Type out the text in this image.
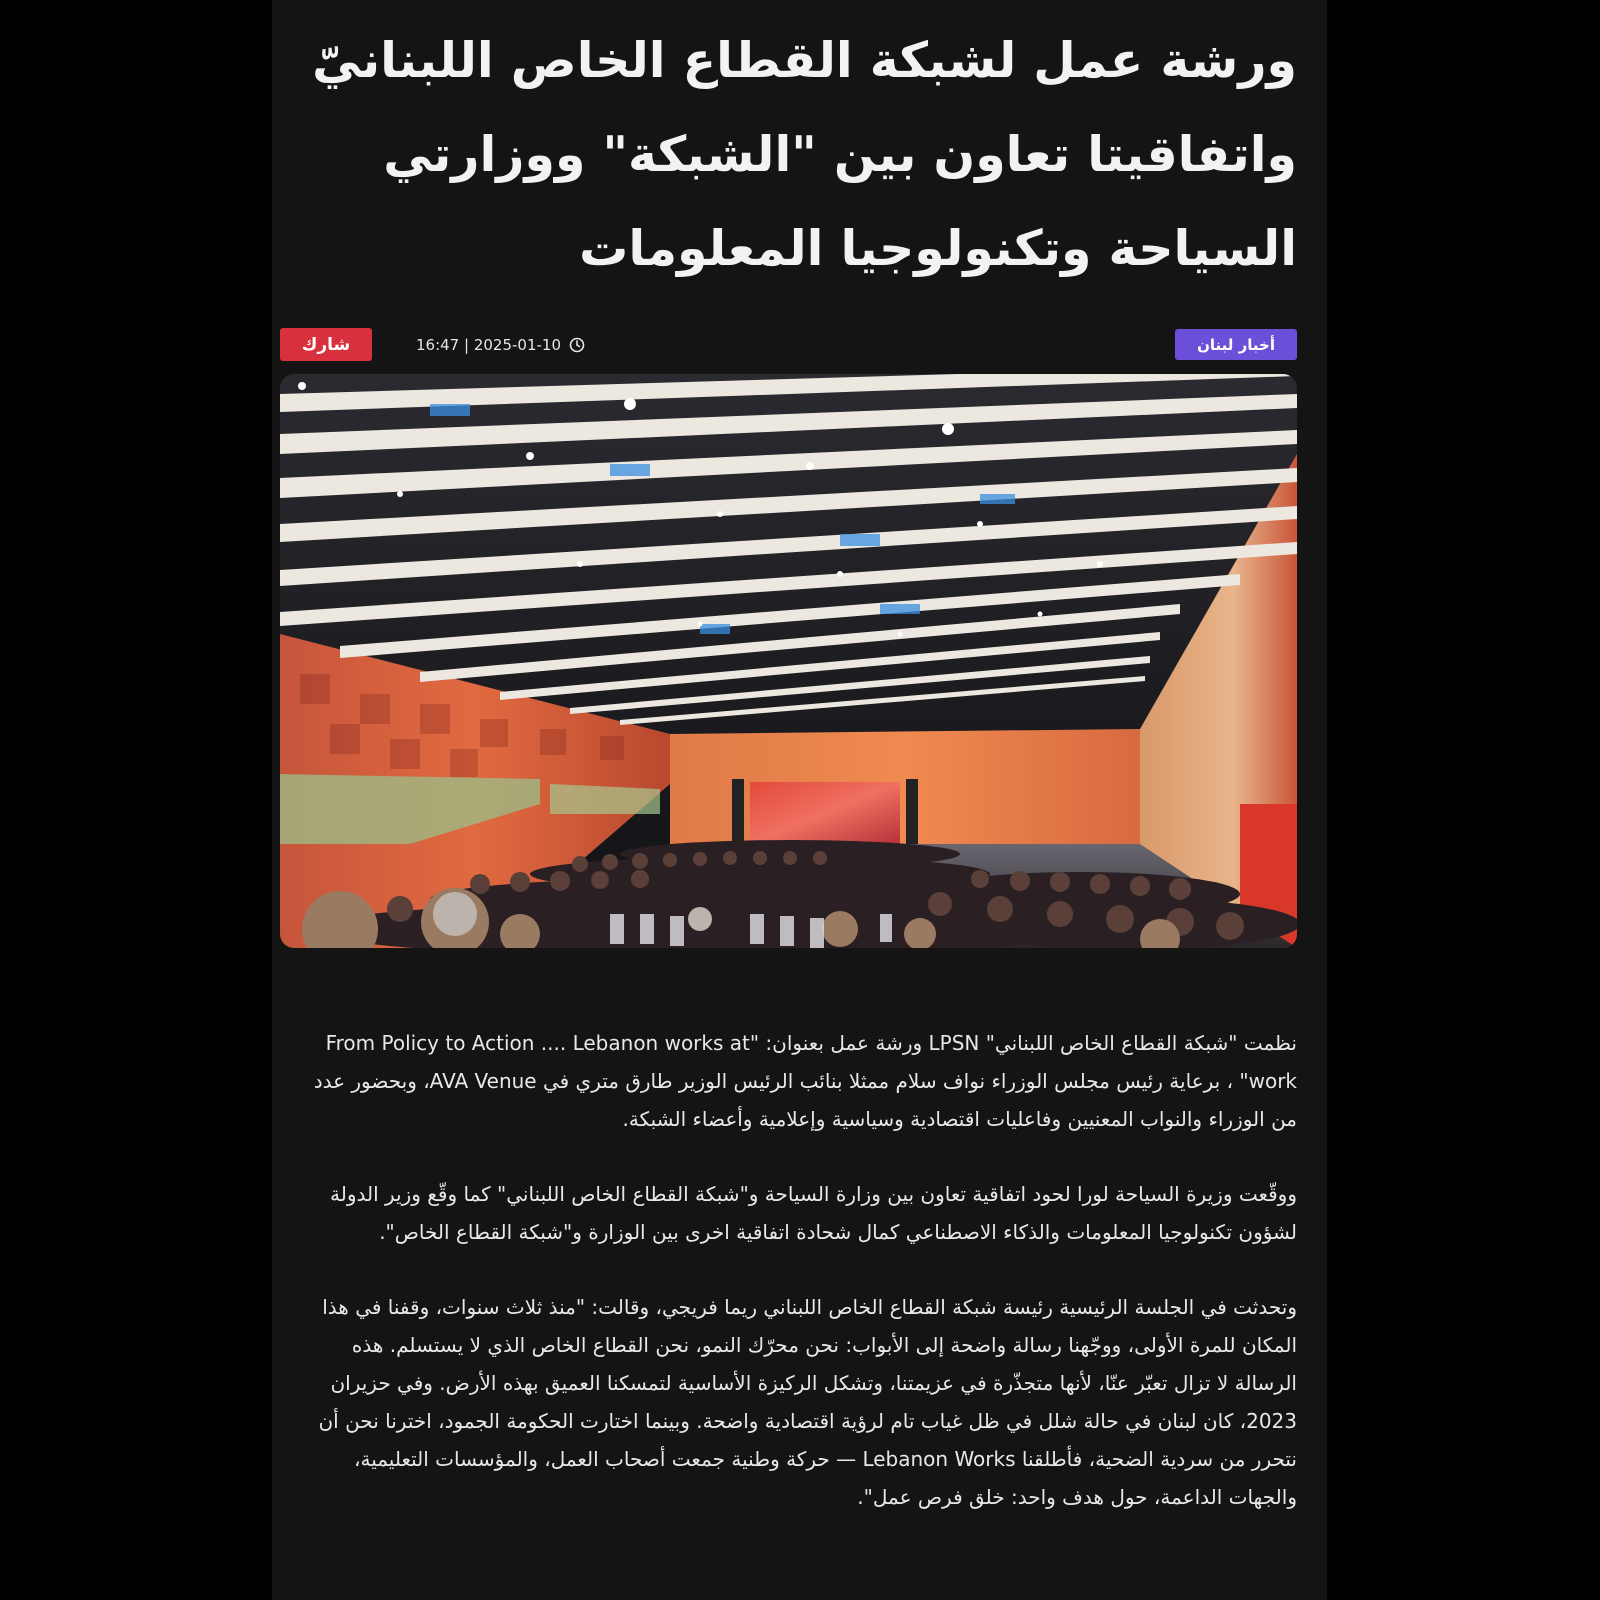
ورشة عمل لشبكة القطاع الخاص اللبنانيّ واتفاقيتا تعاون بين "الشبكة" ووزارتي السياحة وتكنولوجيا المعلومات
شارك	16:47 | 2025-01-10	أخبار لبنان

نظمت "شبكة القطاع الخاص اللبناني" LPSN ورشة عمل بعنوان: "From Policy to Action .... Lebanon works at work" ، برعاية رئيس مجلس الوزراء نواف سلام ممثلا بنائب الرئيس الوزير طارق متري في AVA Venue، وبحضور عدد من الوزراء والنواب المعنيين وفاعليات اقتصادية وسياسية وإعلامية وأعضاء الشبكة.

ووقّعت وزيرة السياحة لورا لحود اتفاقية تعاون بين وزارة السياحة و"شبكة القطاع الخاص اللبناني" كما وقّع وزير الدولة لشؤون تكنولوجيا المعلومات والذكاء الاصطناعي كمال شحادة اتفاقية اخرى بين الوزارة و"شبكة القطاع الخاص".

وتحدثت في الجلسة الرئيسية رئيسة شبكة القطاع الخاص اللبناني ريما فريجي، وقالت: "منذ ثلاث سنوات، وقفنا في هذا المكان للمرة الأولى، ووجّهنا رسالة واضحة إلى الأبواب: نحن محرّك النمو، نحن القطاع الخاص الذي لا يستسلم. هذه الرسالة لا تزال تعبّر عنّا، لأنها متجذّرة في عزيمتنا، وتشكل الركيزة الأساسية لتمسكنا العميق بهذه الأرض. وفي حزيران 2023، كان لبنان في حالة شلل في ظل غياب تام لرؤية اقتصادية واضحة. وبينما اختارت الحكومة الجمود، اخترنا نحن أن نتحرر من سردية الضحية، فأطلقنا Lebanon Works — حركة وطنية جمعت أصحاب العمل، والمؤسسات التعليمية، والجهات الداعمة، حول هدف واحد: خلق فرص عمل".
